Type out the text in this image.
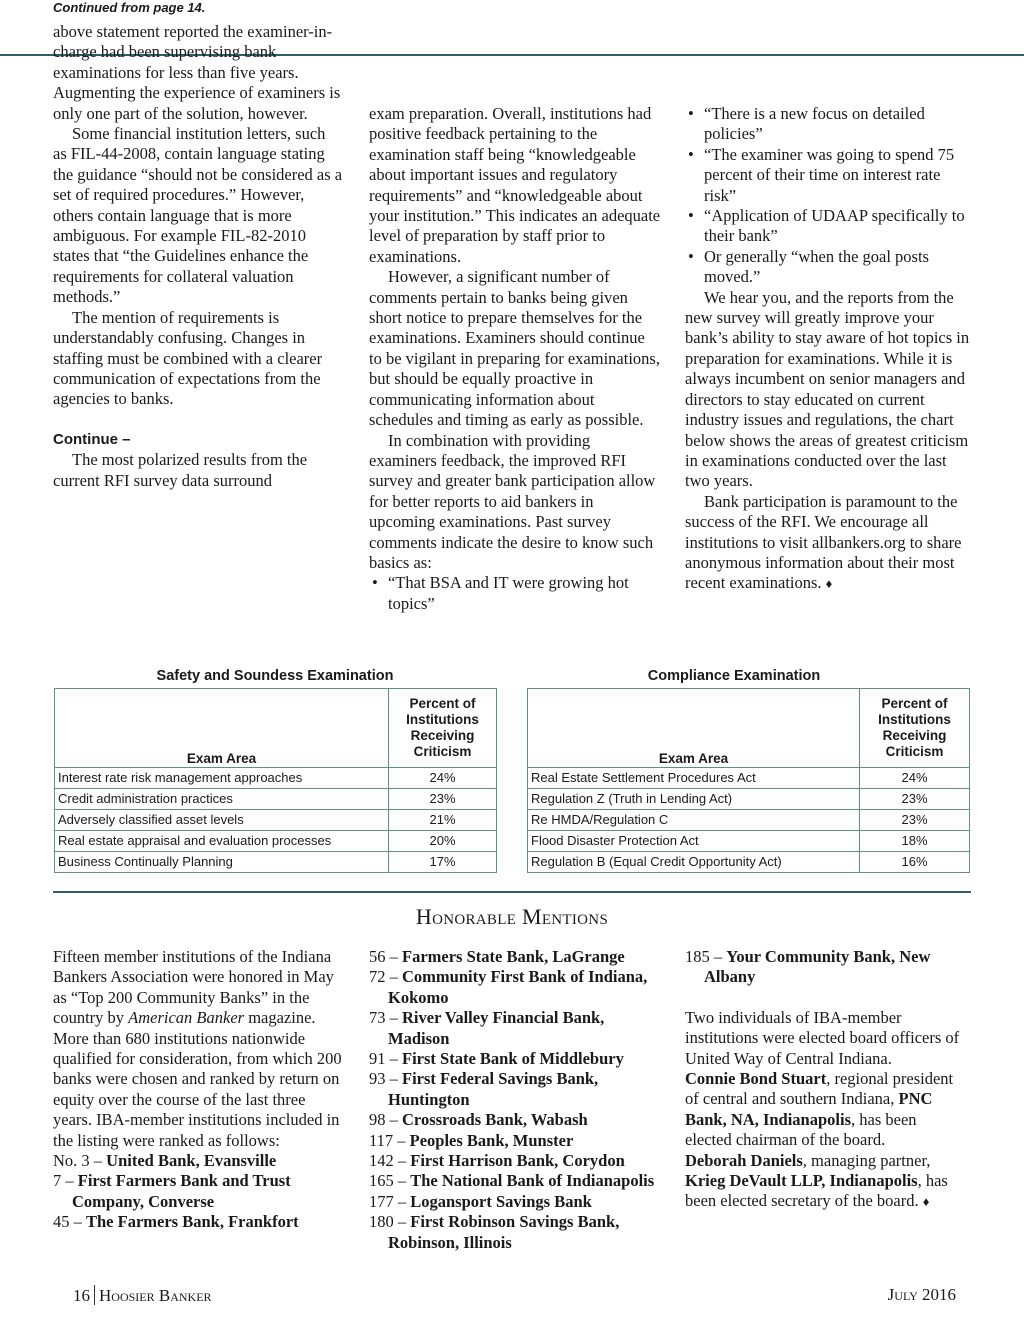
Continued from page 14.

above statement reported the examiner-in-charge had been supervising bank examinations for less than five years. Augmenting the experience of examiners is only one part of the solution, however.

Some financial institution letters, such as FIL-44-2008, contain language stating the guidance “should not be considered as a set of required procedures.” However, others contain language that is more ambiguous. For example FIL-82-2010 states that “the Guidelines enhance the requirements for collateral valuation methods.”

The mention of requirements is understandably confusing. Changes in staffing must be combined with a clearer communication of expectations from the agencies to banks.

Continue –

The most polarized results from the current RFI survey data surround

exam preparation. Overall, institutions had positive feedback pertaining to the examination staff being “knowledgeable about important issues and regulatory requirements” and “knowledgeable about your institution.” This indicates an adequate level of preparation by staff prior to examinations.

However, a significant number of comments pertain to banks being given short notice to prepare themselves for the examinations. Examiners should continue to be vigilant in preparing for examinations, but should be equally proactive in communicating information about schedules and timing as early as possible.

In combination with providing examiners feedback, the improved RFI survey and greater bank participation allow for better reports to aid bankers in upcoming examinations. Past survey comments indicate the desire to know such basics as:

• “That BSA and IT were growing hot topics”
• “There is a new focus on detailed policies”
• “The examiner was going to spend 75 percent of their time on interest rate risk”
• “Application of UDAAP specifically to their bank”
• Or generally “when the goal posts moved.”

We hear you, and the reports from the new survey will greatly improve your bank’s ability to stay aware of hot topics in preparation for examinations. While it is always incumbent on senior managers and directors to stay educated on current industry issues and regulations, the chart below shows the areas of greatest criticism in examinations conducted over the last two years.

Bank participation is paramount to the success of the RFI. We encourage all institutions to visit allbankers.org to share anonymous information about their most recent examinations. ♦

Safety and Soundess Examination
Exam Area	Percent of Institutions Receiving Criticism
Interest rate risk management approaches	24%
Credit administration practices	23%
Adversely classified asset levels	21%
Real estate appraisal and evaluation processes	20%
Business Continually Planning	17%
Compliance Examination
Exam Area	Percent of Institutions Receiving Criticism
Real Estate Settlement Procedures Act	24%
Regulation Z (Truth in Lending Act)	23%
Re HMDA/Regulation C	23%
Flood Disaster Protection Act	18%
Regulation B (Equal Credit Opportunity Act)	16%
Honorable Mentions

Fifteen member institutions of the Indiana Bankers Association were honored in May as “Top 200 Community Banks” in the country by American Banker magazine. More than 680 institutions nationwide qualified for consideration, from which 200 banks were chosen and ranked by return on equity over the course of the last three years. IBA-member institutions included in the listing were ranked as follows:

No. 3 – United Bank, Evansville
7 – First Farmers Bank and Trust Company, Converse
45 – The Farmers Bank, Frankfort
56 – Farmers State Bank, LaGrange
72 – Community First Bank of Indiana, Kokomo
73 – River Valley Financial Bank, Madison
91 – First State Bank of Middlebury
93 – First Federal Savings Bank, Huntington
98 – Crossroads Bank, Wabash
117 – Peoples Bank, Munster
142 – First Harrison Bank, Corydon
165 – The National Bank of Indianapolis
177 – Logansport Savings Bank
180 – First Robinson Savings Bank, Robinson, Illinois
185 – Your Community Bank, New Albany

Two individuals of IBA-member institutions were elected board officers of United Way of Central Indiana.

Connie Bond Stuart, regional president of central and southern Indiana, PNC Bank, NA, Indianapolis, has been elected chairman of the board.

Deborah Daniels, managing partner, Krieg DeVault LLP, Indianapolis, has been elected secretary of the board. ♦

16 Hoosier Banker	July 2016
